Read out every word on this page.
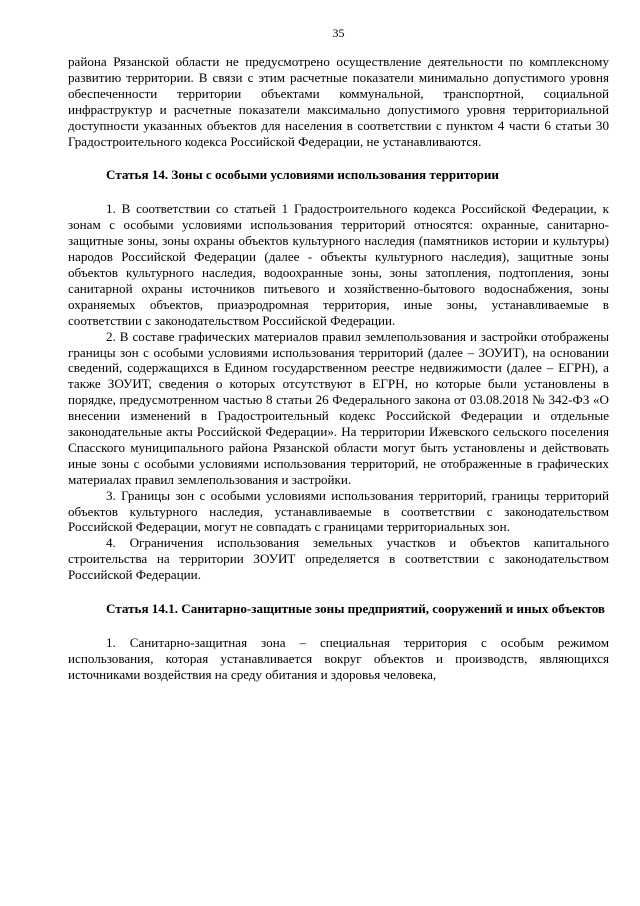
35

района Рязанской области не предусмотрено осуществление деятельности по комплексному развитию территории. В связи с этим расчетные показатели минимально допустимого уровня обеспеченности территории объектами коммунальной, транспортной, социальной инфраструктур и расчетные показатели максимально допустимого уровня территориальной доступности указанных объектов для населения в соответствии с пунктом 4 части 6 статьи 30 Градостроительного кодекса Российской Федерации, не устанавливаются.

Статья 14. Зоны с особыми условиями использования территории

1. В соответствии со статьей 1 Градостроительного кодекса Российской Федерации, к зонам с особыми условиями использования территорий относятся: охранные, санитарно-защитные зоны, зоны охраны объектов культурного наследия (памятников истории и культуры) народов Российской Федерации (далее - объекты культурного наследия), защитные зоны объектов культурного наследия, водоохранные зоны, зоны затопления, подтопления, зоны санитарной охраны источников питьевого и хозяйственно-бытового водоснабжения, зоны охраняемых объектов, приаэродромная территория, иные зоны, устанавливаемые в соответствии с законодательством Российской Федерации.

2. В составе графических материалов правил землепользования и застройки отображены границы зон с особыми условиями использования территорий (далее – ЗОУИТ), на основании сведений, содержащихся в Едином государственном реестре недвижимости (далее – ЕГРН), а также ЗОУИТ, сведения о которых отсутствуют в ЕГРН, но которые были установлены в порядке, предусмотренном частью 8 статьи 26 Федерального закона от 03.08.2018 № 342-ФЗ «О внесении изменений в Градостроительный кодекс Российской Федерации и отдельные законодательные акты Российской Федерации». На территории Ижевского сельского поселения Спасского муниципального района Рязанской области могут быть установлены и действовать иные зоны с особыми условиями использования территорий, не отображенные в графических материалах правил землепользования и застройки.

3. Границы зон с особыми условиями использования территорий, границы территорий объектов культурного наследия, устанавливаемые в соответствии с законодательством Российской Федерации, могут не совпадать с границами территориальных зон.

4. Ограничения использования земельных участков и объектов капитального строительства на территории ЗОУИТ определяется в соответствии с законодательством Российской Федерации.

Статья 14.1. Санитарно-защитные зоны предприятий, сооружений и иных объектов

1. Санитарно-защитная зона – специальная территория с особым режимом использования, которая устанавливается вокруг объектов и производств, являющихся источниками воздействия на среду обитания и здоровья человека,
